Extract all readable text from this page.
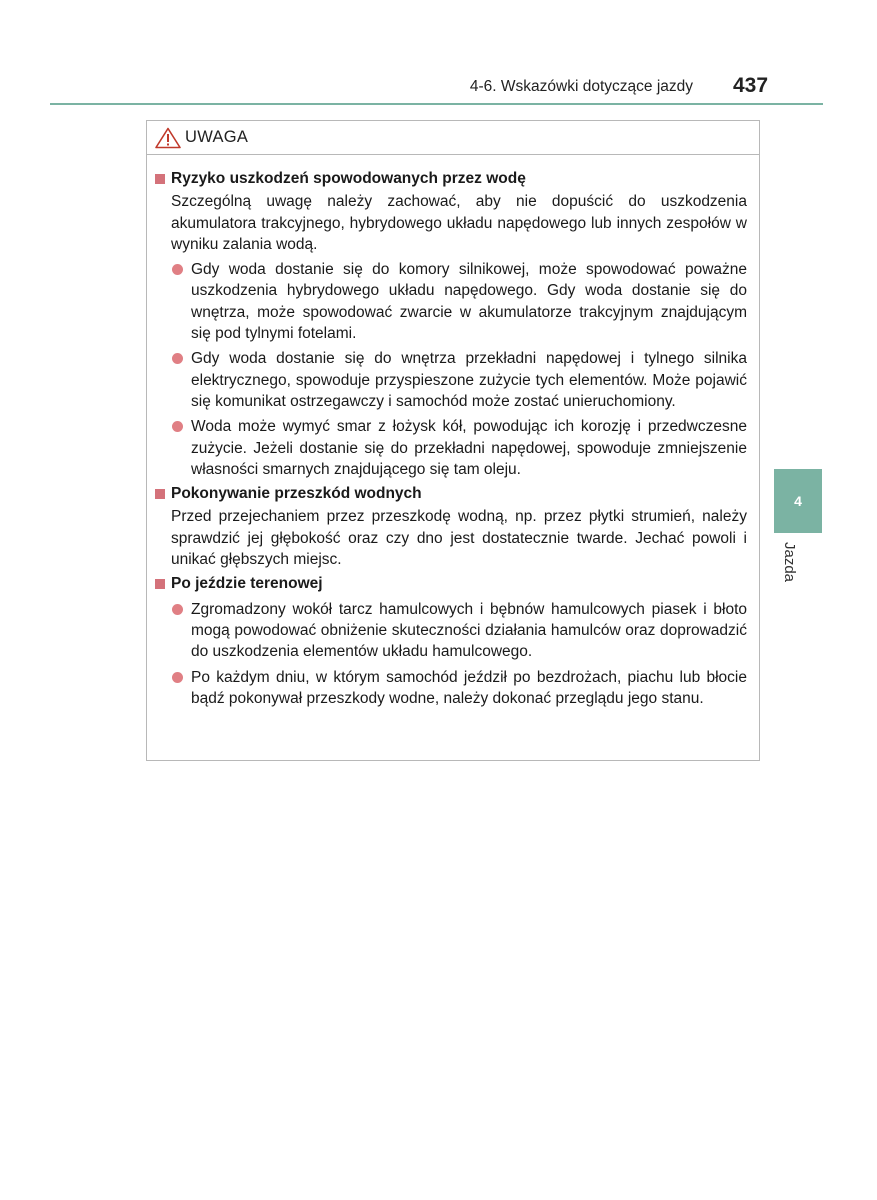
4-6. Wskazówki dotyczące jazdy 437
UWAGA
Ryzyko uszkodzeń spowodowanych przez wodę
Szczególną uwagę należy zachować, aby nie dopuścić do uszkodzenia akumulatora trakcyjnego, hybrydowego układu napędowego lub innych zespołów w wyniku zalania wodą.
Gdy woda dostanie się do komory silnikowej, może spowodować poważne uszkodzenia hybrydowego układu napędowego. Gdy woda dostanie się do wnętrza, może spowodować zwarcie w akumulatorze trakcyjnym znajdującym się pod tylnymi fotelami.
Gdy woda dostanie się do wnętrza przekładni napędowej i tylnego silnika elektrycznego, spowoduje przyspieszone zużycie tych elementów. Może pojawić się komunikat ostrzegawczy i samochód może zostać unieruchomiony.
Woda może wymyć smar z łożysk kół, powodując ich korozję i przedwczesne zużycie. Jeżeli dostanie się do przekładni napędowej, spowoduje zmniejszenie własności smarnych znajdującego się tam oleju.
Pokonywanie przeszkód wodnych
Przed przejechaniem przez przeszkodę wodną, np. przez płytki strumień, należy sprawdzić jej głębokość oraz czy dno jest dostatecznie twarde. Jechać powoli i unikać głębszych miejsc.
Po jeździe terenowej
Zgromadzony wokół tarcz hamulcowych i bębnów hamulcowych piasek i błoto mogą powodować obniżenie skuteczności działania hamulców oraz doprowadzić do uszkodzenia elementów układu hamulcowego.
Po każdym dniu, w którym samochód jeździł po bezdrożach, piachu lub błocie bądź pokonywał przeszkody wodne, należy dokonać przeglądu jego stanu.
4
Jazda
